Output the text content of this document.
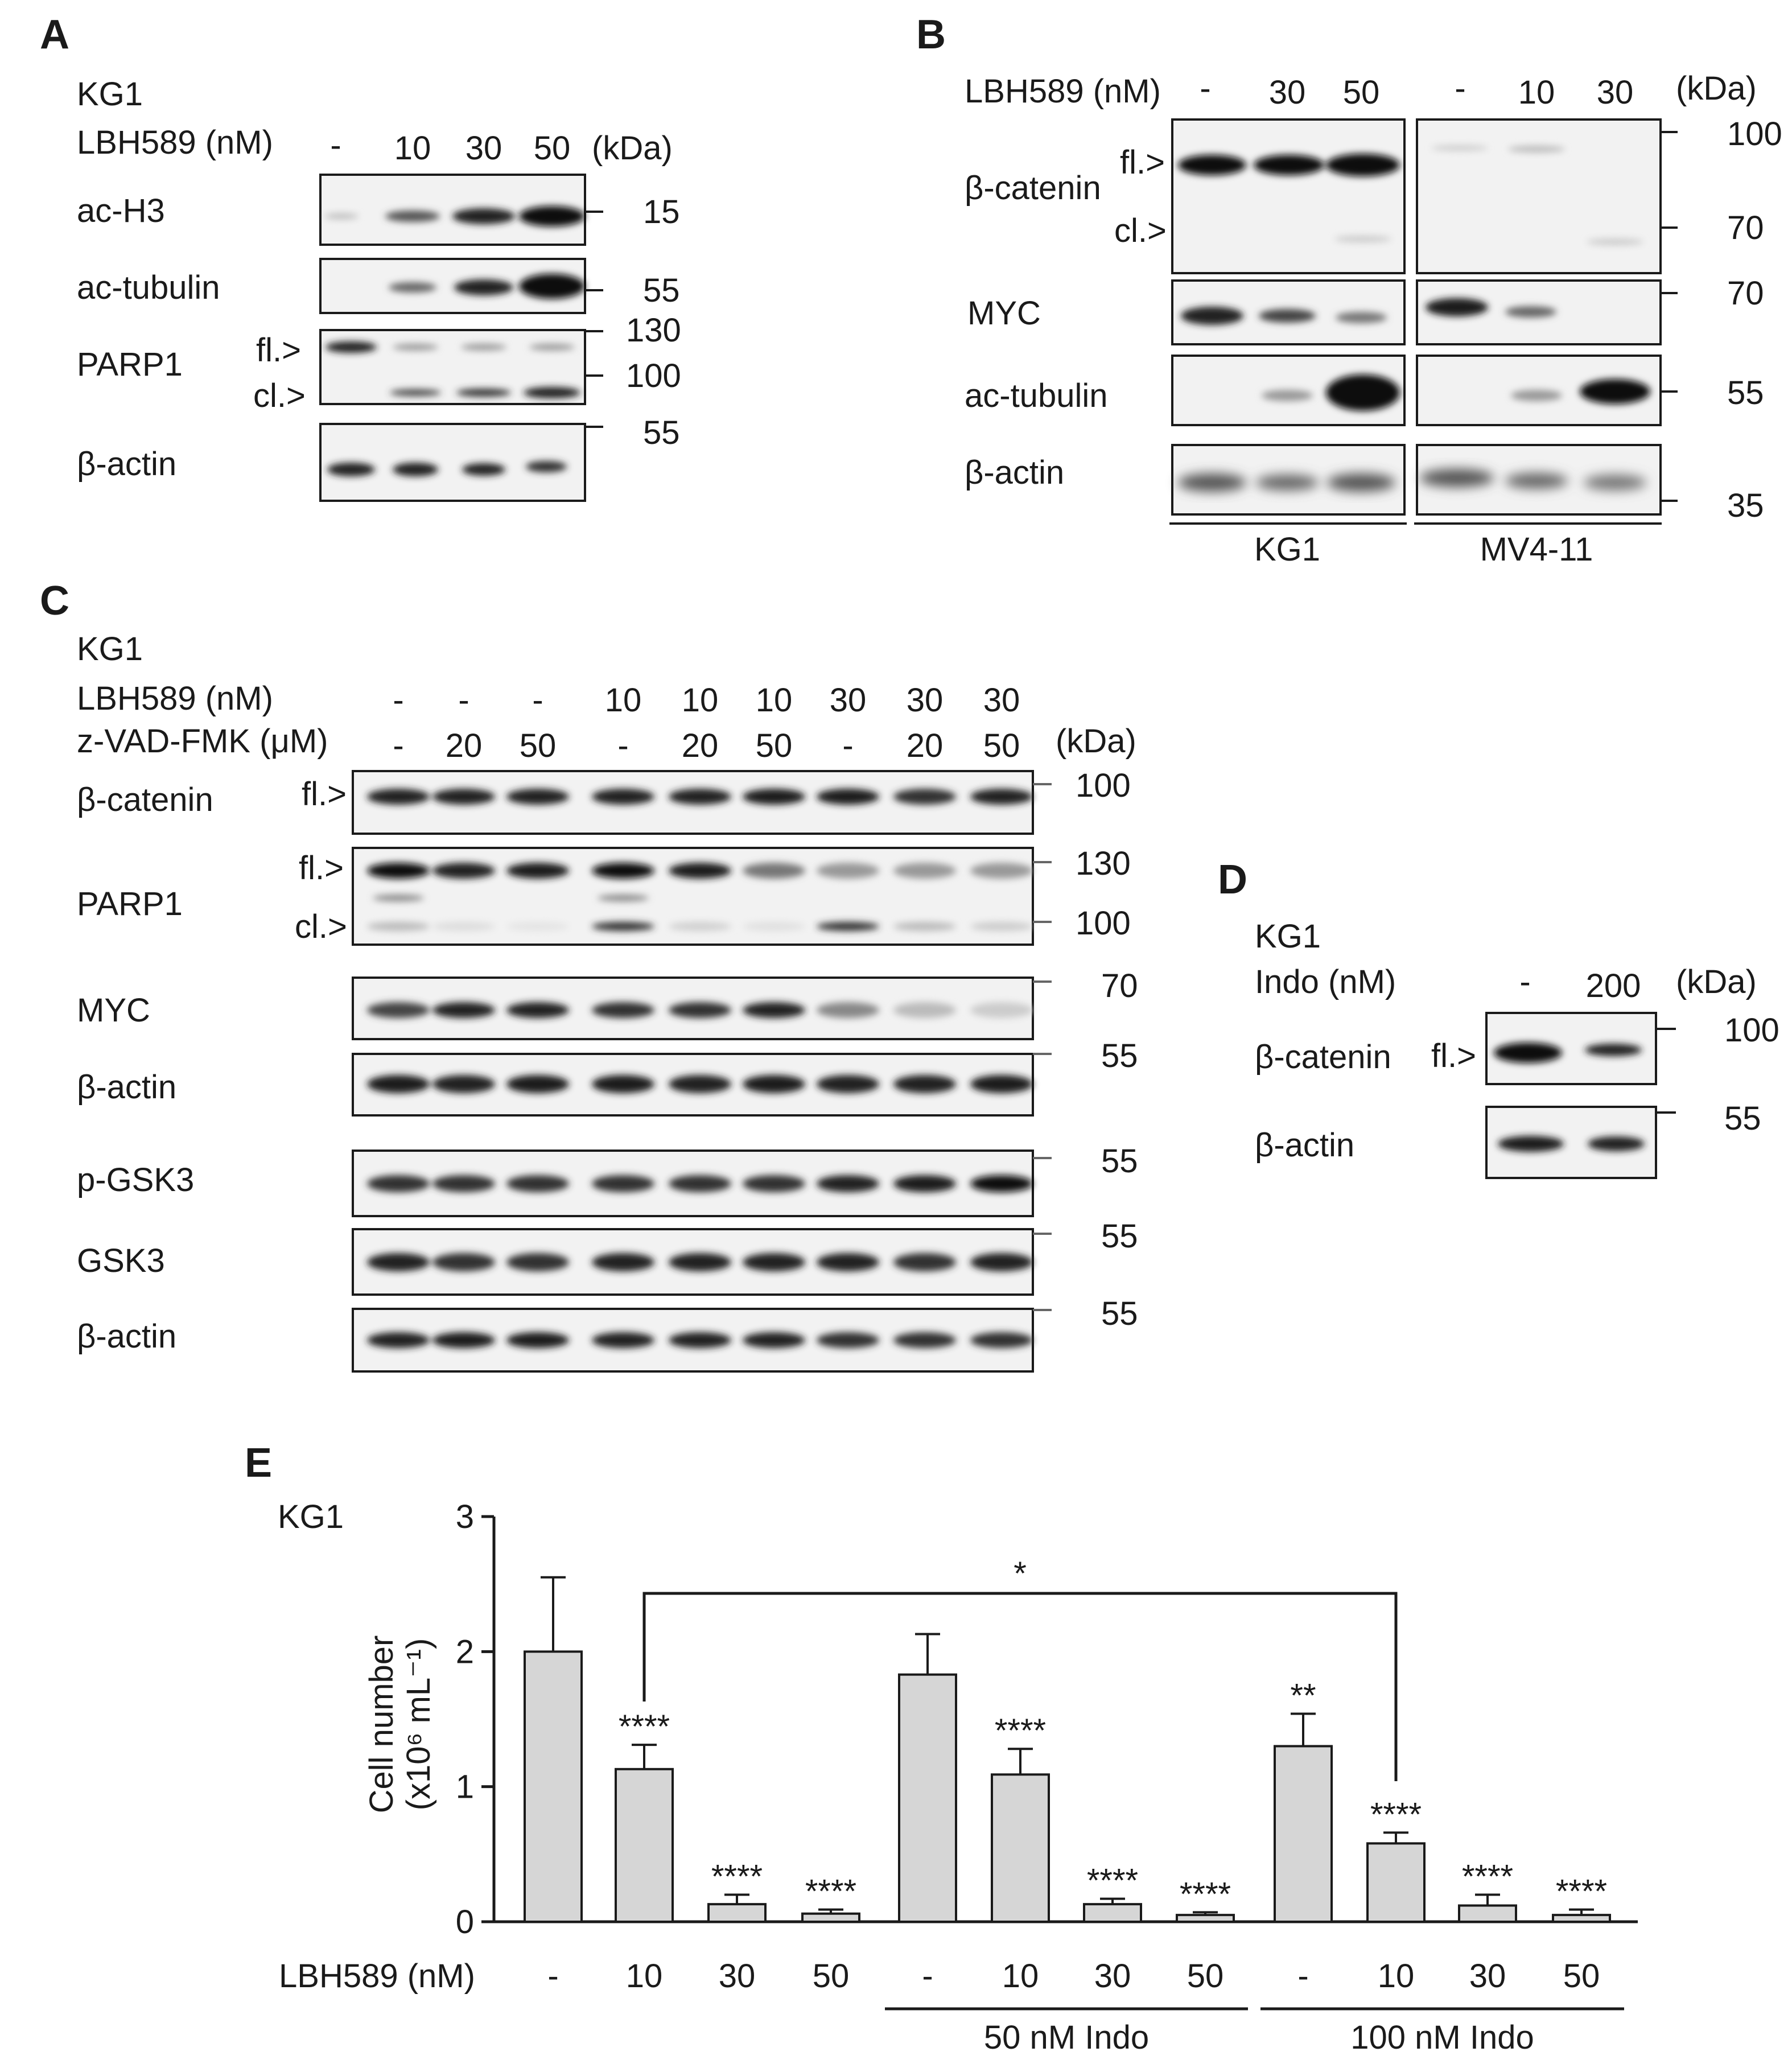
A
KG1
LBH589 (nM) - 10 30 50 (kDa)
ac-H3
ac-tubulin
PARP1 fl.>
cl.>
β-actin
15
55
130
100
55
B
LBH589 (nM) - 30 50 - 10 30 (kDa)
β-catenin
fl.>
cl.>
MYC
ac-tubulin
β-actin
100
70
70
55
35
KG1	MV4-11
C
KG1
LBH589 (nM)
z-VAD-FMK (μM)
- - - 10 10 10 30 30 30
- 20 50 - 20 50 - 20 50 (kDa)
β-catenin	fl.>
PARP1
fl.>
cl.>
MYC
β-actin
p-GSK3
GSK3
β-actin
100
130
100
70
55
55
55
55
D
KG1
Indo (nM)	- 200 (kDa)
β-catenin fl.>
β-actin
100
55
E
KG1
0
1
2
3
Cell number (x10⁶ mL⁻¹)
-
****
10
****
30
****
50 -
****
10
****
30
****
50
**
-
****
10
****
30
****
50
LBH589 (nM)
50 nM Indo	100 nM Indo
*
